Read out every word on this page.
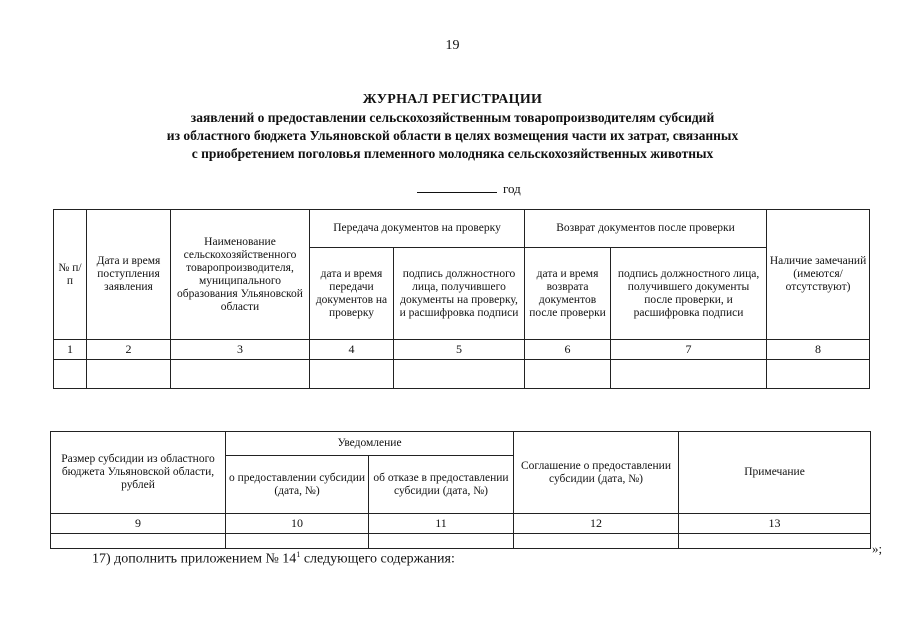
19
ЖУРНАЛ РЕГИСТРАЦИИ
заявлений о предоставлении сельскохозяйственным товаропроизводителям субсидий
из областного бюджета Ульяновской области в целях возмещения части их затрат, связанных
с приобретением поголовья племенного молодняка сельскохозяйственных животных
год
№ п/п	Дата и время поступления заявления	Наименование сельскохозяйственного товаропроизводителя, муниципального образования Ульяновской области	Передача документов на проверку		Возврат документов после проверки		Наличие замечаний (имеются/ отсутствуют)
			дата и время передачи документов на проверку	подпись должностного лица, получившего документы на проверку, и расшифровка подписи	дата и время возврата документов после проверки	подпись должностного лица, получившего документы после проверки, и расшифровка подписи	
1	2	3	4	5	6	7	8

Размер субсидии из областного бюджета Ульяновской области, рублей	Уведомление		Соглашение о предоставлении субсидии (дата, №)	Примечание
	о предоставлении субсидии (дата, №)	об отказе в предоставлении субсидии (дата, №)		
9	10	11	12	13

»;
17) дополнить приложением № $14^1$ следующего содержания:
